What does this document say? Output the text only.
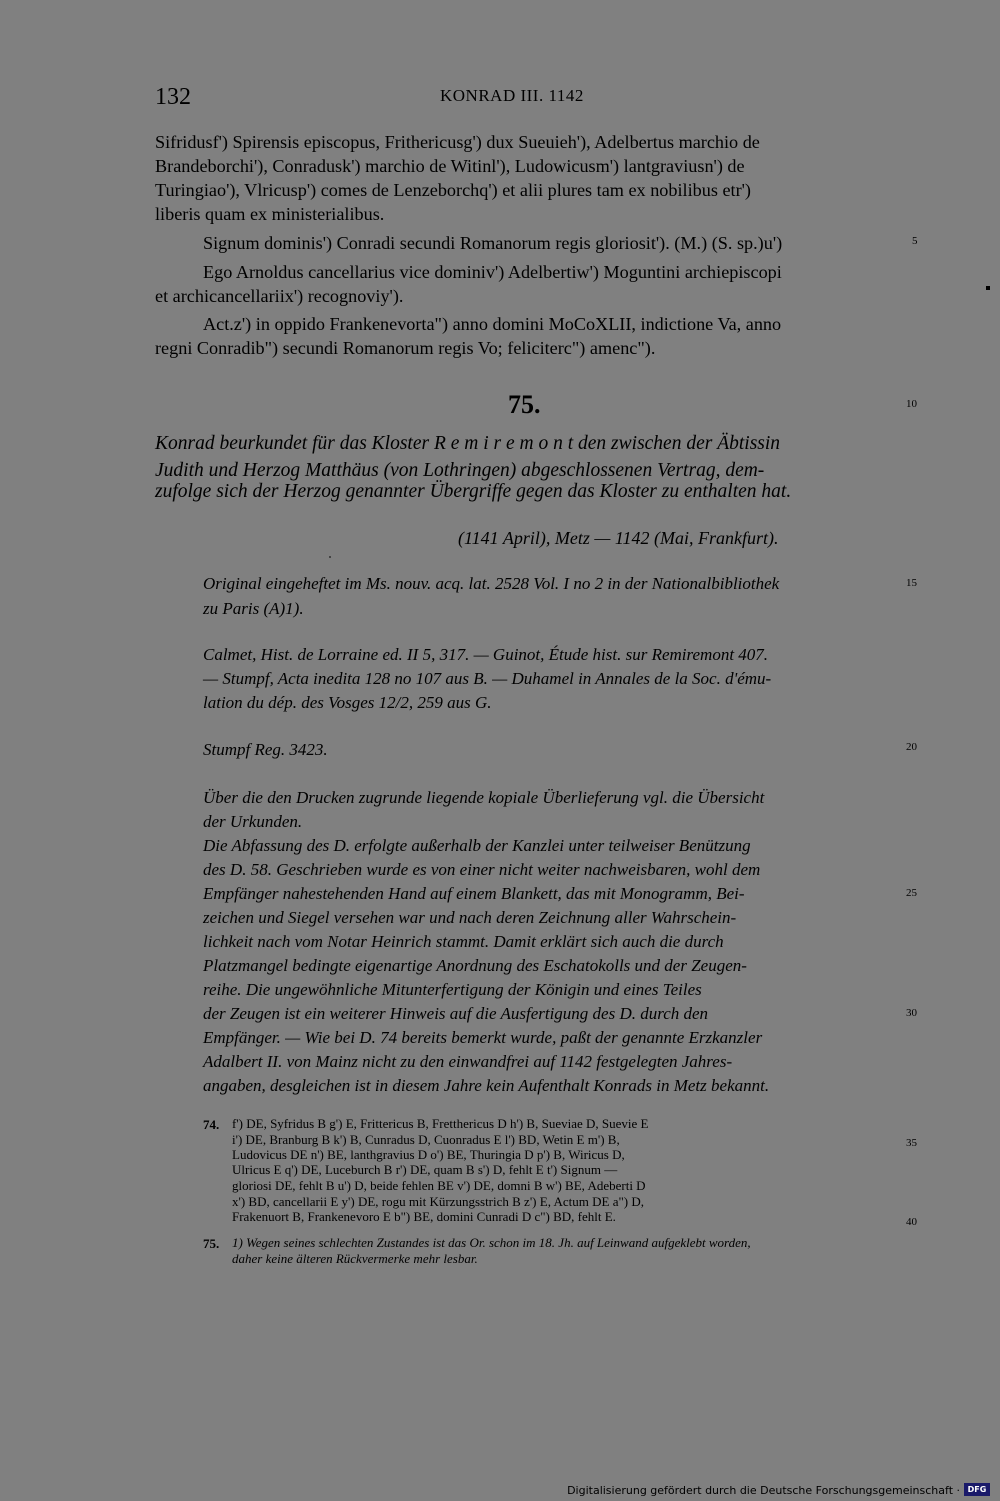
132	KONRAD III. 1142
Sifridusf') Spirensis episcopus, Frithericusg') dux Sueuieh'), Adelbertus marchio de
Brandeborchi'), Conradusk') marchio de Witinl'), Ludowicusm') lantgraviusn') de
Turingiao'), Vlricusp') comes de Lenzeborchq') et alii plures tam ex nobilibus etr')
liberis quam ex ministerialibus.
Signum dominis') Conradi secundi Romanorum regis gloriosit'). (M.) (S. sp.)u')
Ego Arnoldus cancellarius vice dominiv') Adelbertiw') Moguntini archiepiscopi
et archicancellariix') recognoviy').
Act.z') in oppido Frankenevorta") anno domini MoCoXLII, indictione Va, anno
regni Conradib") secundi Romanorum regis Vo; feliciterc") amenc").
75.
Konrad beurkundet für das Kloster R e m i r e m o n t den zwischen der Äbtissin
Judith und Herzog Matthäus (von Lothringen) abgeschlossenen Vertrag, dem-
zufolge sich der Herzog genannter Übergriffe gegen das Kloster zu enthalten hat.
(1141 April), Metz — 1142 (Mai, Frankfurt).
Original eingeheftet im Ms. nouv. acq. lat. 2528 Vol. I no 2 in der Nationalbibliothek
zu Paris (A)1).
Calmet, Hist. de Lorraine ed. II 5, 317. — Guinot, Étude hist. sur Remiremont 407.
— Stumpf, Acta inedita 128 no 107 aus B. — Duhamel in Annales de la Soc. d'ému-
lation du dép. des Vosges 12/2, 259 aus G.
Stumpf Reg. 3423.
Über die den Drucken zugrunde liegende kopiale Überlieferung vgl. die Übersicht
der Urkunden.
Die Abfassung des D. erfolgte außerhalb der Kanzlei unter teilweiser Benützung
des D. 58. Geschrieben wurde es von einer nicht weiter nachweisbaren, wohl dem
Empfänger nahestehenden Hand auf einem Blankett, das mit Monogramm, Bei-
zeichen und Siegel versehen war und nach deren Zeichnung aller Wahrschein-
lichkeit nach vom Notar Heinrich stammt. Damit erklärt sich auch die durch
Platzmangel bedingte eigenartige Anordnung des Eschatokolls und der Zeugen-
reihe. Die ungewöhnliche Mitunterfertigung der Königin und eines Teiles
der Zeugen ist ein weiterer Hinweis auf die Ausfertigung des D. durch den
Empfänger. — Wie bei D. 74 bereits bemerkt wurde, paßt der genannte Erzkanzler
Adalbert II. von Mainz nicht zu den einwandfrei auf 1142 festgelegten Jahres-
angaben, desgleichen ist in diesem Jahre kein Aufenthalt Konrads in Metz bekannt.
74. f') DE, Syfridus B g') E, Frittericus B, Fretthericus D h') B, Sueviae D, Suevie E
i') DE, Branburg B k') B, Cunradus D, Cuonradus E l') BD, Wetin E m') B,
Ludovicus DE n') BE, lanthgravius D o') BE, Thuringia D p') B, Wiricus D,
Ulricus E q') DE, Luceburch B r') DE, quam B s') D, fehlt E t') Signum —
gloriosi DE, fehlt B u') D, beide fehlen BE v') DE, domni B w') BE, Adeberti D
x') BD, cancellarii E y') DE, rogu mit Kürzungsstrich B z') E, Actum DE a") D,
Frakenuort B, Frankenevoro E b") BE, domini Cunradi D c") BD, fehlt E.
75. 1) Wegen seines schlechten Zustandes ist das Or. schon im 18. Jh. auf Leinwand aufgeklebt worden,
daher keine älteren Rückvermerke mehr lesbar.
5
10
15
20
25
30
35
40
Digitalisierung gefördert durch die Deutsche Forschungsgemeinschaft · DFG
